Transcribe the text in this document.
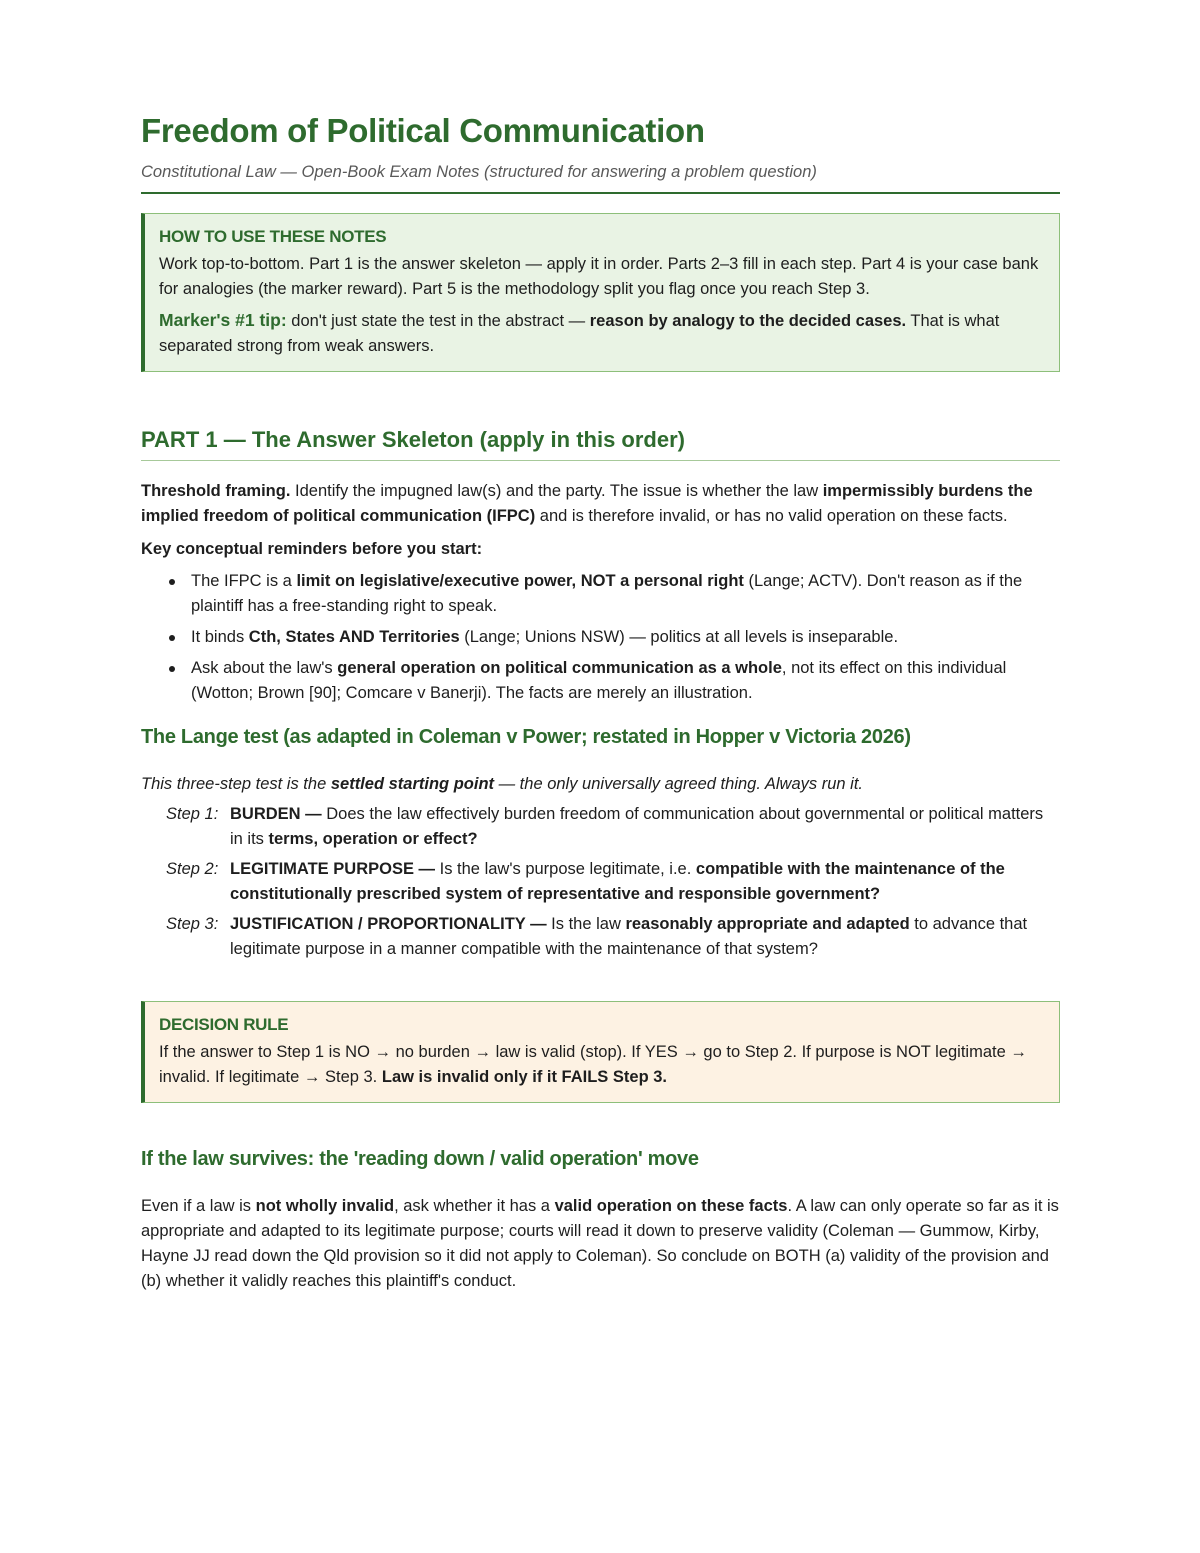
Freedom of Political Communication

Constitutional Law — Open-Book Exam Notes (structured for answering a problem question)

HOW TO USE THESE NOTES

Work top-to-bottom. Part 1 is the answer skeleton — apply it in order. Parts 2–3 fill in each step. Part 4 is your case bank for analogies (the marker reward). Part 5 is the methodology split you flag once you reach Step 3.

Marker's #1 tip: don't just state the test in the abstract — reason by analogy to the decided cases. That is what separated strong from weak answers.

PART 1 — The Answer Skeleton (apply in this order)

Threshold framing. Identify the impugned law(s) and the party. The issue is whether the law impermissibly burdens the implied freedom of political communication (IFPC) and is therefore invalid, or has no valid operation on these facts.

Key conceptual reminders before you start:

The IFPC is a limit on legislative/executive power, NOT a personal right (Lange; ACTV). Don't reason as if the plaintiff has a free-standing right to speak.
It binds Cth, States AND Territories (Lange; Unions NSW) — politics at all levels is inseparable.
Ask about the law's general operation on political communication as a whole, not its effect on this individual (Wotton; Brown [90]; Comcare v Banerji). The facts are merely an illustration.
The Lange test (as adapted in Coleman v Power; restated in Hopper v Victoria 2026)

This three-step test is the settled starting point — the only universally agreed thing. Always run it.

Step 1: BURDEN — Does the law effectively burden freedom of communication about governmental or political matters in its terms, operation or effect?
Step 2: LEGITIMATE PURPOSE — Is the law's purpose legitimate, i.e. compatible with the maintenance of the constitutionally prescribed system of representative and responsible government?
Step 3: JUSTIFICATION / PROPORTIONALITY — Is the law reasonably appropriate and adapted to advance that legitimate purpose in a manner compatible with the maintenance of that system?
DECISION RULE

If the answer to Step 1 is NO → no burden → law is valid (stop). If YES → go to Step 2. If purpose is NOT legitimate → invalid. If legitimate → Step 3. Law is invalid only if it FAILS Step 3.

If the law survives: the 'reading down / valid operation' move

Even if a law is not wholly invalid, ask whether it has a valid operation on these facts. A law can only operate so far as it is appropriate and adapted to its legitimate purpose; courts will read it down to preserve validity (Coleman — Gummow, Kirby, Hayne JJ read down the Qld provision so it did not apply to Coleman). So conclude on BOTH (a) validity of the provision and (b) whether it validly reaches this plaintiff's conduct.
